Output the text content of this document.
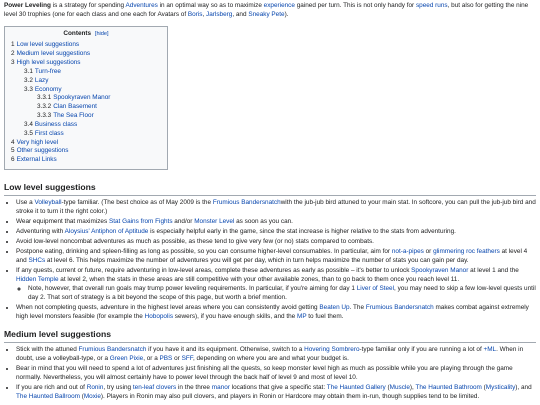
Power Leveling is a strategy for spending Adventures in an optimal way so as to maximize experience gained per turn. This is not only handy for speed runs, but also for getting the nine level 30 trophies (one for each class and one each for Avatars of Boris, Jarlsberg, and Sneaky Pete).

Contents [hide]
1 Low level suggestions
2 Medium level suggestions
3 High level suggestions
3.1 Turn-free
3.2 Lazy
3.3 Economy
3.3.1 Spookyraven Manor
3.3.2 Clan Basement
3.3.3 The Sea Floor
3.4 Business class
3.5 First class
4 Very high level
5 Other suggestions
6 External Links
Low level suggestions
• Use a Volleyball-type familiar. (The best choice as of May 2009 is the Frumious Bandersnatchwith the jub-jub bird attuned to your main stat. In softcore, you can pull the jub-jub bird and stroke it to turn it the right color.)
• Wear equipment that maximizes Stat Gains from Fights and/or Monster Level as soon as you can.
• Adventuring with Aloysius' Antiphon of Aptitude is especially helpful early in the game, since the stat increase is higher relative to the stats from adventuring.
• Avoid low-level noncombat adventures as much as possible, as these tend to give very few (or no) stats compared to combats.
• Postpone eating, drinking and spleen-filling as long as possible, so you can consume higher-level consumables. In particular, aim for not-a-pipes or glimmering roc feathers at level 4 and SHCs at level 6. This helps maximize the number of adventures you will get per day, which in turn helps maximize the number of stats you can gain per day.
• If any quests, current or future, require adventuring in low-level areas, complete these adventures as early as possible – it's better to unlock Spookyraven Manor at level 1 and the Hidden Temple at level 2, when the stats in these areas are still competitive with your other available zones, than to go back to them once you reach level 11.
◦ Note, however, that overall run goals may trump power leveling requirements. In particular, if you're aiming for day 1 Liver of Steel, you may need to skip a few low-level quests until day 2. That sort of strategy is a bit beyond the scope of this page, but worth a brief mention.
• When not completing quests, adventure in the highest level areas where you can consistently avoid getting Beaten Up. The Frumious Bandersnatch makes combat against extremely high level monsters feasible (for example the Hobopolis sewers), if you have enough skills, and the MP to fuel them.
Medium level suggestions
• Stick with the attuned Frumious Bandersnatch if you have it and its equipment. Otherwise, switch to a Hovering Sombrero-type familiar only if you are running a lot of +ML. When in doubt, use a volleyball-type, or a Green Pixie, or a PBS or SFF, depending on where you are and what your budget is.
• Bear in mind that you will need to spend a lot of adventures just finishing all the quests, so keep monster level high as much as possible while you are playing through the game normally. Nevertheless, you will almost certainly have to power level through the back half of level 9 and most of level 10.
• If you are rich and out of Ronin, try using ten-leaf clovers in the three manor locations that give a specific stat: The Haunted Gallery (Muscle), The Haunted Bathroom (Mysticality), and The Haunted Ballroom (Moxie). Players in Ronin may also pull clovers, and players in Ronin or Hardcore may obtain them in-run, though supplies tend to be limited.
